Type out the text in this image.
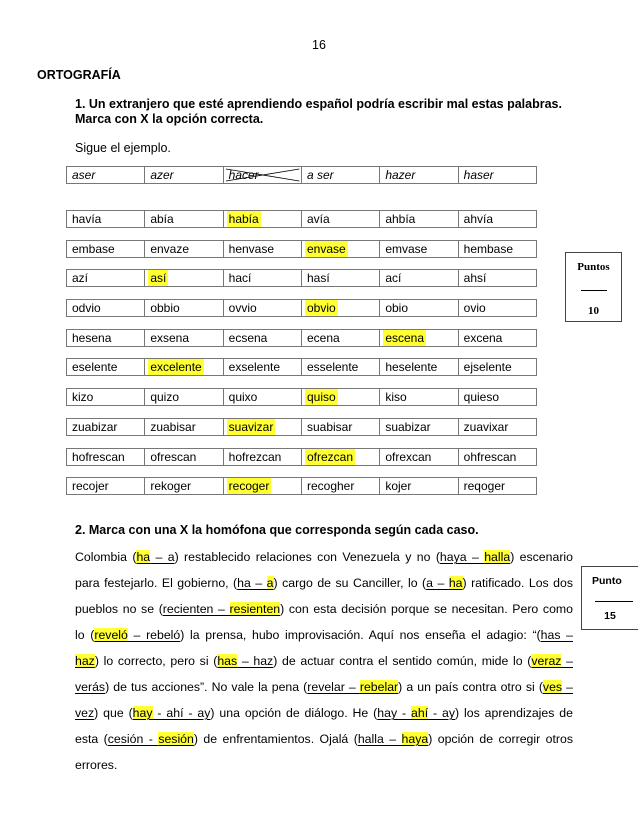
16
ORTOGRAFÍA
1. Un extranjero que esté aprendiendo español podría escribir mal estas palabras.
Marca con X la opción correcta.
Sigue el ejemplo.
aser	azer	hacer	a ser	hazer	haser
havía	abía	había	avía	ahbía	ahvía
embase	envaze	henvase	envase	emvase	hembase
azí	así	hací	hasí	ací	ahsí
odvio	obbio	ovvio	obvio	obio	ovio
hesena	exsena	ecsena	ecena	escena	excena
eselente	excelente	exselente	esselente	heselente	ejselente
kizo	quizo	quixo	quiso	kiso	quieso
zuabizar	zuabisar	suavizar	suabisar	suabizar	zuavixar
hofrescan	ofrescan	hofrezcan	ofrezcan	ofrexcan	ohfrescan
recojer	rekoger	recoger	recogher	kojer	reqoger
Puntos
10
2. Marca con una X la homófona que corresponda según cada caso.
Colombia (ha – a) restablecido relaciones con Venezuela y no (haya – halla) escenario
para festejarlo. El gobierno, (ha – a) cargo de su Canciller, lo (a – ha) ratificado. Los dos
pueblos no se (recienten – resienten) con esta decisión porque se necesitan. Pero como
lo (reveló – rebeló) la prensa, hubo improvisación. Aquí nos enseña el adagio: “(has –
haz) lo correcto, pero si (has – haz) de actuar contra el sentido común, mide lo (veraz –
verás) de tus acciones”. No vale la pena (revelar – rebelar) a un país contra otro si (ves –
vez) que (hay - ahí - ay) una opción de diálogo. He (hay - ahí - ay) los aprendizajes de
esta (cesión - sesión) de enfrentamientos. Ojalá (halla – haya) opción de corregir otros
errores.
Punto
15
